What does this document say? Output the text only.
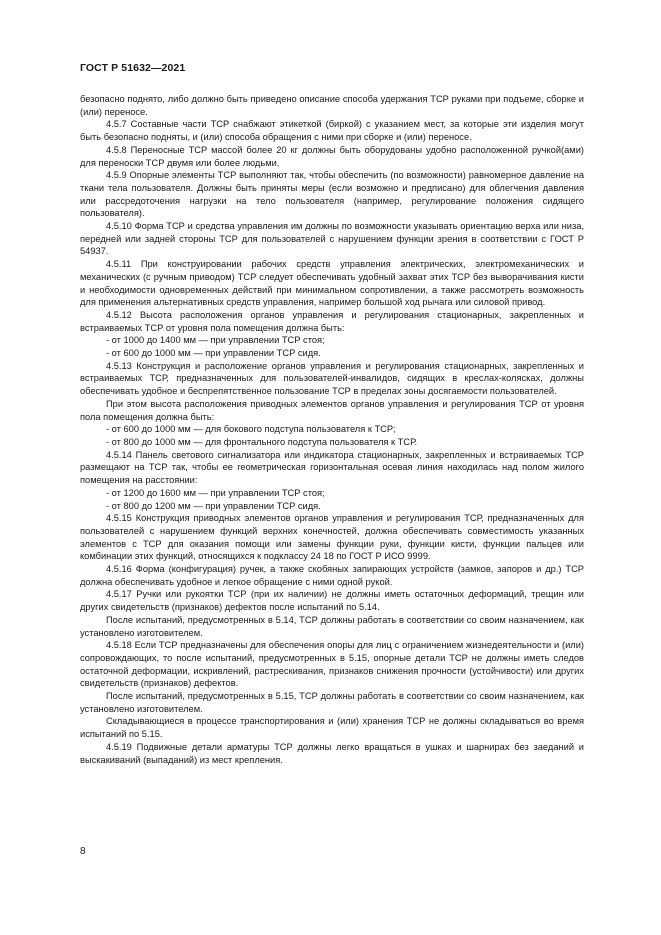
ГОСТ Р 51632—2021

безопасно поднято, либо должно быть приведено описание способа удержания ТСР руками при подъеме, сборке и (или) переносе.

4.5.7 Составные части ТСР снабжают этикеткой (биркой) с указанием мест, за которые эти изделия могут быть безопасно подняты, и (или) способа обращения с ними при сборке и (или) переносе.

4.5.8 Переносные ТСР массой более 20 кг должны быть оборудованы удобно расположенной ручкой(ами) для переноски ТСР двумя или более людьми.

4.5.9 Опорные элементы ТСР выполняют так, чтобы обеспечить (по возможности) равномерное давление на ткани тела пользователя. Должны быть приняты меры (если возможно и предписано) для облегчения давления или рассредоточения нагрузки на тело пользователя (например, регулирование положения сидящего пользователя).

4.5.10 Форма ТСР и средства управления им должны по возможности указывать ориентацию верха или низа, передней или задней стороны ТСР для пользователей с нарушением функции зрения в соответствии с ГОСТ Р 54937.

4.5.11 При конструировании рабочих средств управления электрических, электромеханических и механических (с ручным приводом) ТСР следует обеспечивать удобный захват этих ТСР без выворачивания кисти и необходимости одновременных действий при минимальном сопротивлении, а также рассмотреть возможность для применения альтернативных средств управления, например большой ход рычага или силовой привод.

4.5.12 Высота расположения органов управления и регулирования стационарных, закрепленных и встраиваемых ТСР от уровня пола помещения должна быть:

- от 1000 до 1400 мм — при управлении ТСР стоя;

- от 600 до 1000 мм — при управлении ТСР сидя.

4.5.13 Конструкция и расположение органов управления и регулирования стационарных, закрепленных и встраиваемых ТСР, предназначенных для пользователей-инвалидов, сидящих в креслах-колясках, должны обеспечивать удобное и беспрепятственное пользование ТСР в пределах зоны досягаемости пользователей.

При этом высота расположения приводных элементов органов управления и регулирования ТСР от уровня пола помещения должна быть:

- от 600 до 1000 мм — для бокового подступа пользователя к ТСР;

- от 800 до 1000 мм — для фронтального подступа пользователя к ТСР.

4.5.14 Панель светового сигнализатора или индикатора стационарных, закрепленных и встраиваемых ТСР размещают на ТСР так, чтобы ее геометрическая горизонтальная осевая линия находилась над полом жилого помещения на расстоянии:

- от 1200 до 1600 мм — при управлении ТСР стоя;

- от 800 до 1200 мм — при управлении ТСР сидя.

4.5.15 Конструкция приводных элементов органов управления и регулирования ТСР, предназначенных для пользователей с нарушением функций верхних конечностей, должна обеспечивать совместимость указанных элементов с ТСР для оказания помощи или замены функции руки, функции кисти, функции пальцев или комбинации этих функций, относящихся к подклассу 24 18 по ГОСТ Р ИСО 9999.

4.5.16 Форма (конфигурация) ручек, а также скобяных запирающих устройств (замков, запоров и др.) ТСР должна обеспечивать удобное и легкое обращение с ними одной рукой.

4.5.17 Ручки или рукоятки ТСР (при их наличии) не должны иметь остаточных деформаций, трещин или других свидетельств (признаков) дефектов после испытаний по 5.14.

После испытаний, предусмотренных в 5.14, ТСР должны работать в соответствии со своим назначением, как установлено изготовителем.

4.5.18 Если ТСР предназначены для обеспечения опоры для лиц с ограничением жизнедеятельности и (или) сопровождающих, то после испытаний, предусмотренных в 5.15, опорные детали ТСР не должны иметь следов остаточной деформации, искривлений, растрескивания, признаков снижения прочности (устойчивости) или других свидетельств (признаков) дефектов.

После испытаний, предусмотренных в 5.15, ТСР должны работать в соответствии со своим назначением, как установлено изготовителем.

Складывающиеся в процессе транспортирования и (или) хранения ТСР не должны складываться во время испытаний по 5.15.

4.5.19 Подвижные детали арматуры ТСР должны легко вращаться в ушках и шарнирах без заеданий и выскакиваний (выпаданий) из мест крепления.

8
